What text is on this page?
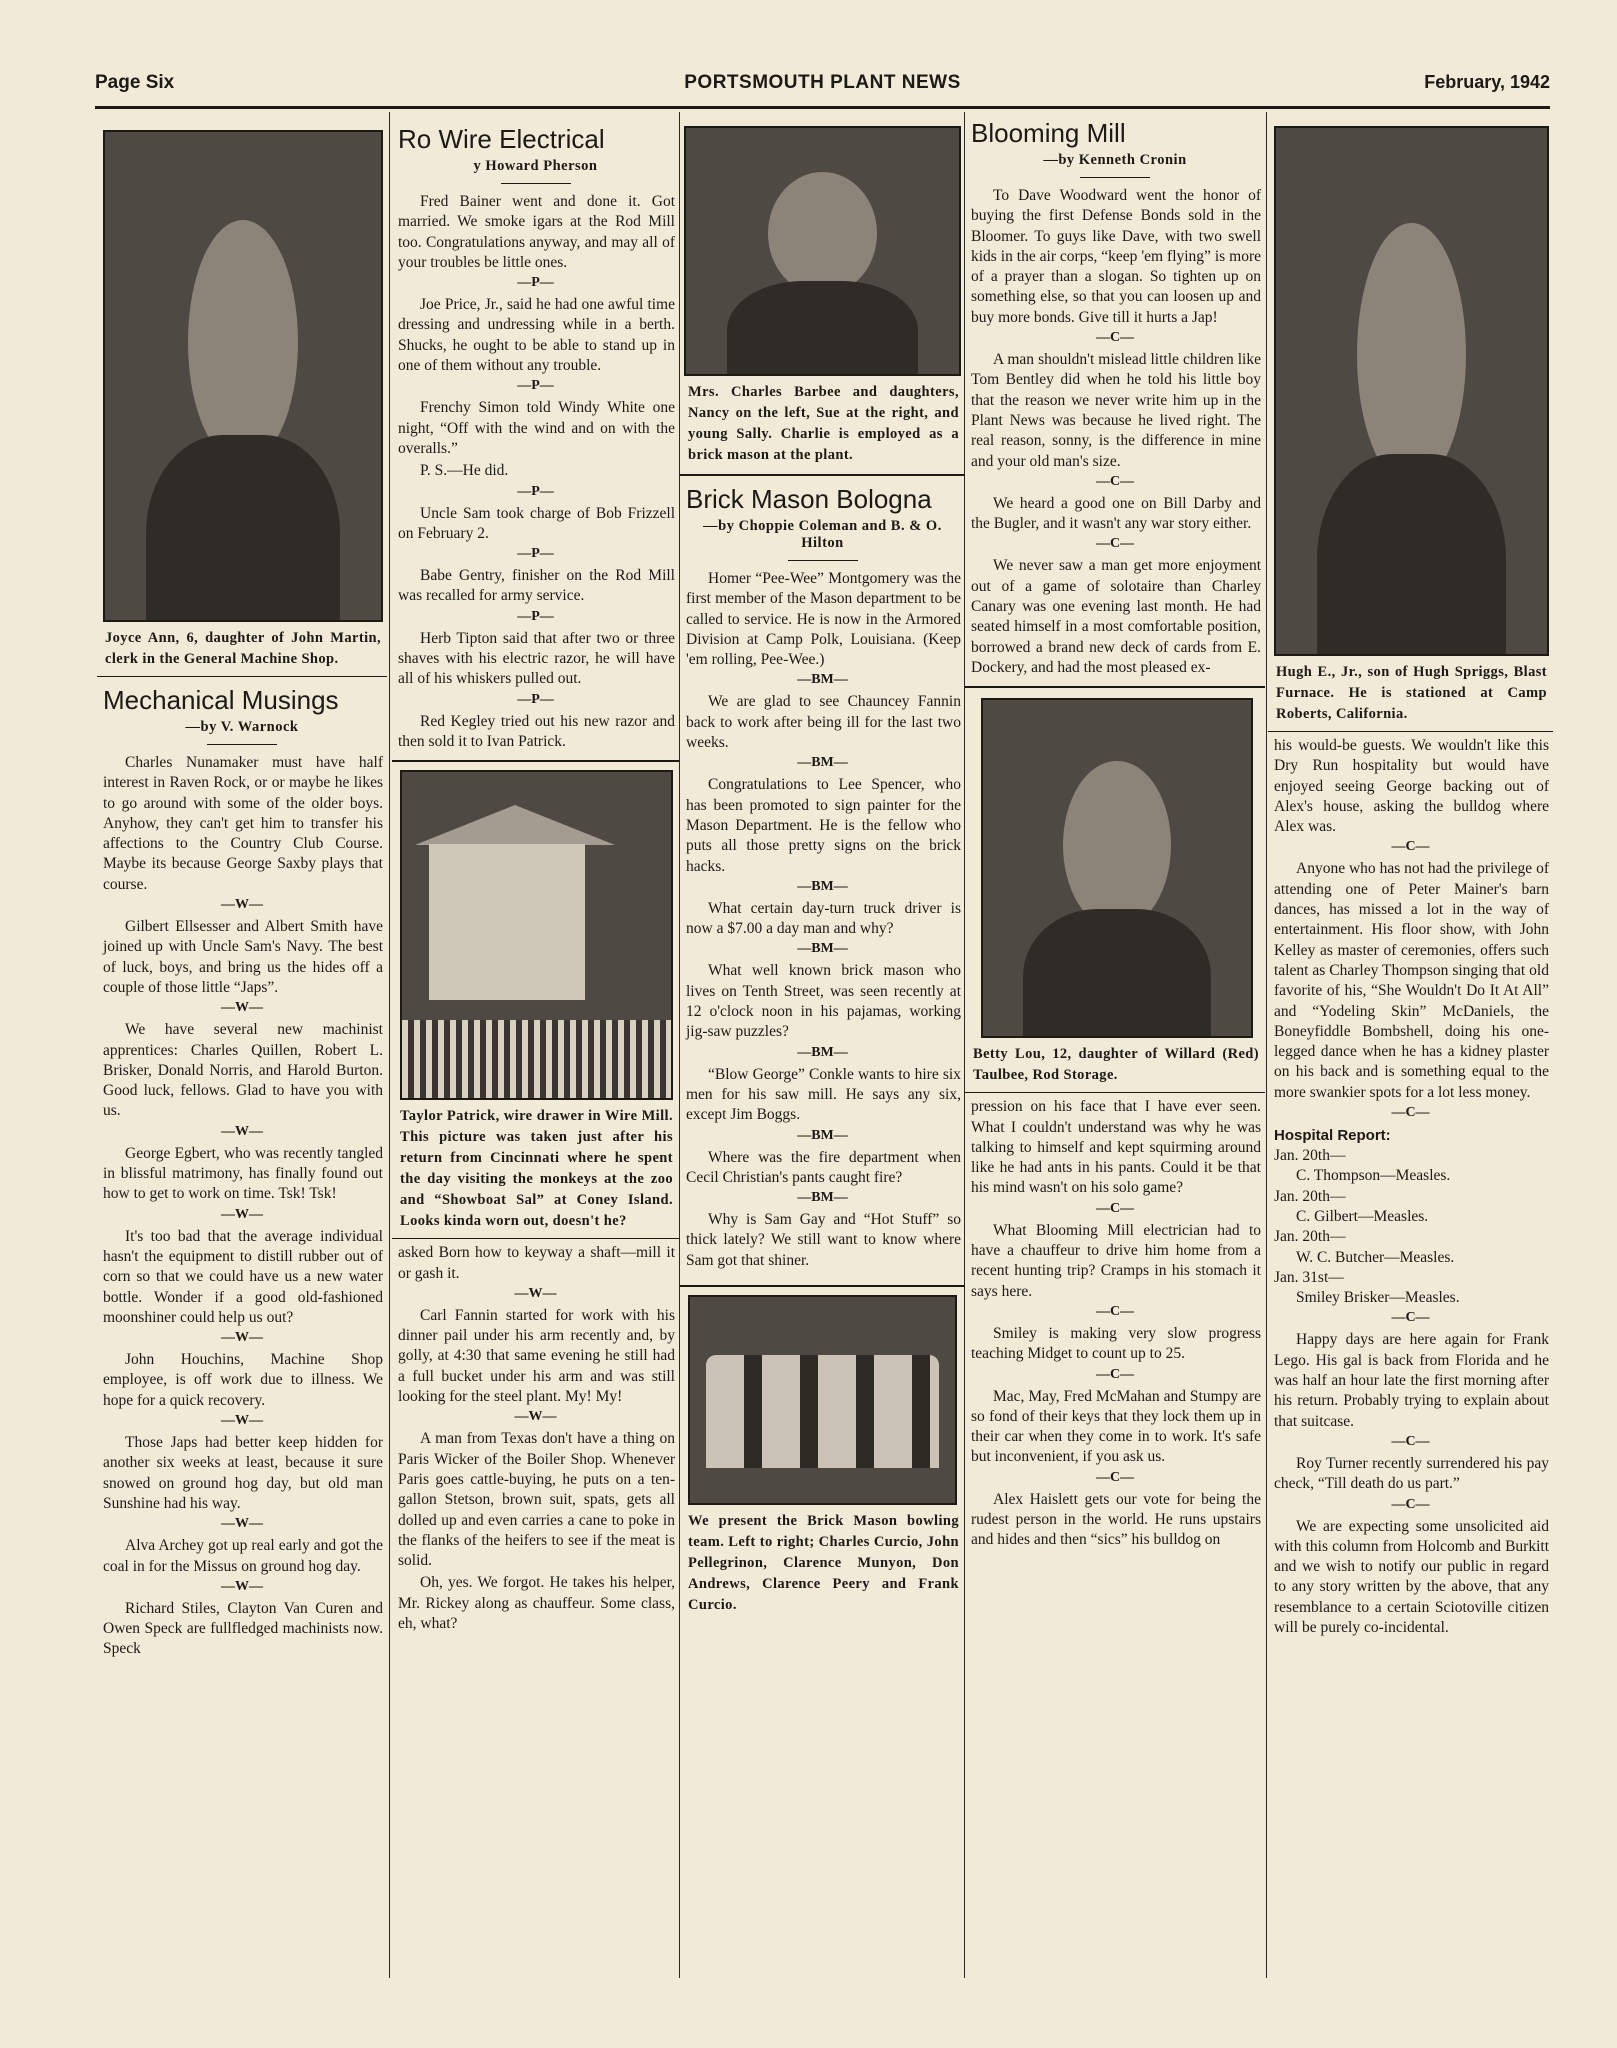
Page Six	PORTSMOUTH PLANT NEWS	February, 1942
Joyce Ann, 6, daughter of John Martin, clerk in the General Machine Shop.
Mechanical Musings
—by V. Warnock

Charles Nunamaker must have half interest in Raven Rock, or or maybe he likes to go around with some of the older boys. Anyhow, they can't get him to transfer his affections to the Country Club Course. Maybe its because George Saxby plays that course.

—W—

Gilbert Ellsesser and Albert Smith have joined up with Uncle Sam's Navy. The best of luck, boys, and bring us the hides off a couple of those little “Japs”.

—W—

We have several new machinist apprentices: Charles Quillen, Robert L. Brisker, Donald Norris, and Harold Burton. Good luck, fellows. Glad to have you with us.

—W—

George Egbert, who was recently tangled in blissful matrimony, has finally found out how to get to work on time. Tsk! Tsk!

—W—

It's too bad that the average individual hasn't the equipment to distill rubber out of corn so that we could have us a new water bottle. Wonder if a good old-fashioned moonshiner could help us out?

—W—

John Houchins, Machine Shop employee, is off work due to illness. We hope for a quick recovery.

—W—

Those Japs had better keep hidden for another six weeks at least, because it sure snowed on ground hog day, but old man Sunshine had his way.

—W—

Alva Archey got up real early and got the coal in for the Missus on ground hog day.

—W—

Richard Stiles, Clayton Van Curen and Owen Speck are fullfledged machinists now. Speck

Ro Wire Electrical
y Howard Pherson

Fred Bainer went and done it. Got married. We smoke igars at the Rod Mill too. Congratulations anyway, and may all of your troubles be little ones.

—P—

Joe Price, Jr., said he had one awful time dressing and undressing while in a berth. Shucks, he ought to be able to stand up in one of them without any trouble.

—P—

Frenchy Simon told Windy White one night, “Off with the wind and on with the overalls.”

P. S.—He did.

—P—

Uncle Sam took charge of Bob Frizzell on February 2.

—P—

Babe Gentry, finisher on the Rod Mill was recalled for army service.

—P—

Herb Tipton said that after two or three shaves with his electric razor, he will have all of his whiskers pulled out.

—P—

Red Kegley tried out his new razor and then sold it to Ivan Patrick.

Taylor Patrick, wire drawer in Wire Mill. This picture was taken just after his return from Cincinnati where he spent the day visiting the monkeys at the zoo and “Showboat Sal” at Coney Island. Looks kinda worn out, doesn't he?

asked Born how to keyway a shaft—mill it or gash it.

—W—

Carl Fannin started for work with his dinner pail under his arm recently and, by golly, at 4:30 that same evening he still had a full bucket under his arm and was still looking for the steel plant. My! My!

—W—

A man from Texas don't have a thing on Paris Wicker of the Boiler Shop. Whenever Paris goes cattle-buying, he puts on a ten-gallon Stetson, brown suit, spats, gets all dolled up and even carries a cane to poke in the flanks of the heifers to see if the meat is solid.

Oh, yes. We forgot. He takes his helper, Mr. Rickey along as chauffeur. Some class, eh, what?

Mrs. Charles Barbee and daughters, Nancy on the left, Sue at the right, and young Sally. Charlie is employed as a brick mason at the plant.
Brick Mason Bologna
—by Choppie Coleman and B. & O. Hilton

Homer “Pee-Wee” Montgomery was the first member of the Mason department to be called to service. He is now in the Armored Division at Camp Polk, Louisiana. (Keep 'em rolling, Pee-Wee.)

—BM—

We are glad to see Chauncey Fannin back to work after being ill for the last two weeks.

—BM—

Congratulations to Lee Spencer, who has been promoted to sign painter for the Mason Department. He is the fellow who puts all those pretty signs on the brick hacks.

—BM—

What certain day-turn truck driver is now a $7.00 a day man and why?

—BM—

What well known brick mason who lives on Tenth Street, was seen recently at 12 o'clock noon in his pajamas, working jig-saw puzzles?

—BM—

“Blow George” Conkle wants to hire six men for his saw mill. He says any six, except Jim Boggs.

—BM—

Where was the fire department when Cecil Christian's pants caught fire?

—BM—

Why is Sam Gay and “Hot Stuff” so thick lately? We still want to know where Sam got that shiner.

We present the Brick Mason bowling team. Left to right; Charles Curcio, John Pellegrinon, Clarence Munyon, Don Andrews, Clarence Peery and Frank Curcio.
Blooming Mill
—by Kenneth Cronin

To Dave Woodward went the honor of buying the first Defense Bonds sold in the Bloomer. To guys like Dave, with two swell kids in the air corps, “keep 'em flying” is more of a prayer than a slogan. So tighten up on something else, so that you can loosen up and buy more bonds. Give till it hurts a Jap!

—C—

A man shouldn't mislead little children like Tom Bentley did when he told his little boy that the reason we never write him up in the Plant News was because he lived right. The real reason, sonny, is the difference in mine and your old man's size.

—C—

We heard a good one on Bill Darby and the Bugler, and it wasn't any war story either.

—C—

We never saw a man get more enjoyment out of a game of solotaire than Charley Canary was one evening last month. He had seated himself in a most comfortable position, borrowed a brand new deck of cards from E. Dockery, and had the most pleased ex-

Betty Lou, 12, daughter of Willard (Red) Taulbee, Rod Storage.

pression on his face that I have ever seen. What I couldn't understand was why he was talking to himself and kept squirming around like he had ants in his pants. Could it be that his mind wasn't on his solo game?

—C—

What Blooming Mill electrician had to have a chauffeur to drive him home from a recent hunting trip? Cramps in his stomach it says here.

—C—

Smiley is making very slow progress teaching Midget to count up to 25.

—C—

Mac, May, Fred McMahan and Stumpy are so fond of their keys that they lock them up in their car when they come in to work. It's safe but inconvenient, if you ask us.

—C—

Alex Haislett gets our vote for being the rudest person in the world. He runs upstairs and hides and then “sics” his bulldog on

Hugh E., Jr., son of Hugh Spriggs, Blast Furnace. He is stationed at Camp Roberts, California.

his would-be guests. We wouldn't like this Dry Run hospitality but would have enjoyed seeing George backing out of Alex's house, asking the bulldog where Alex was.

—C—

Anyone who has not had the privilege of attending one of Peter Mainer's barn dances, has missed a lot in the way of entertainment. His floor show, with John Kelley as master of ceremonies, offers such talent as Charley Thompson singing that old favorite of his, “She Wouldn't Do It At All” and “Yodeling Skin” McDaniels, the Boneyfiddle Bombshell, doing his one-legged dance when he has a kidney plaster on his back and is something equal to the more swankier spots for a lot less money.

—C—
Hospital Report:
Jan. 20th—
C. Thompson—Measles.
Jan. 20th—
C. Gilbert—Measles.
Jan. 20th—
W. C. Butcher—Measles.
Jan. 31st—
Smiley Brisker—Measles.
—C—

Happy days are here again for Frank Lego. His gal is back from Florida and he was half an hour late the first morning after his return. Probably trying to explain about that suitcase.

—C—

Roy Turner recently surrendered his pay check, “Till death do us part.”

—C—

We are expecting some unsolicited aid with this column from Holcomb and Burkitt and we wish to notify our public in regard to any story written by the above, that any resemblance to a certain Sciotoville citizen will be purely co-incidental.
